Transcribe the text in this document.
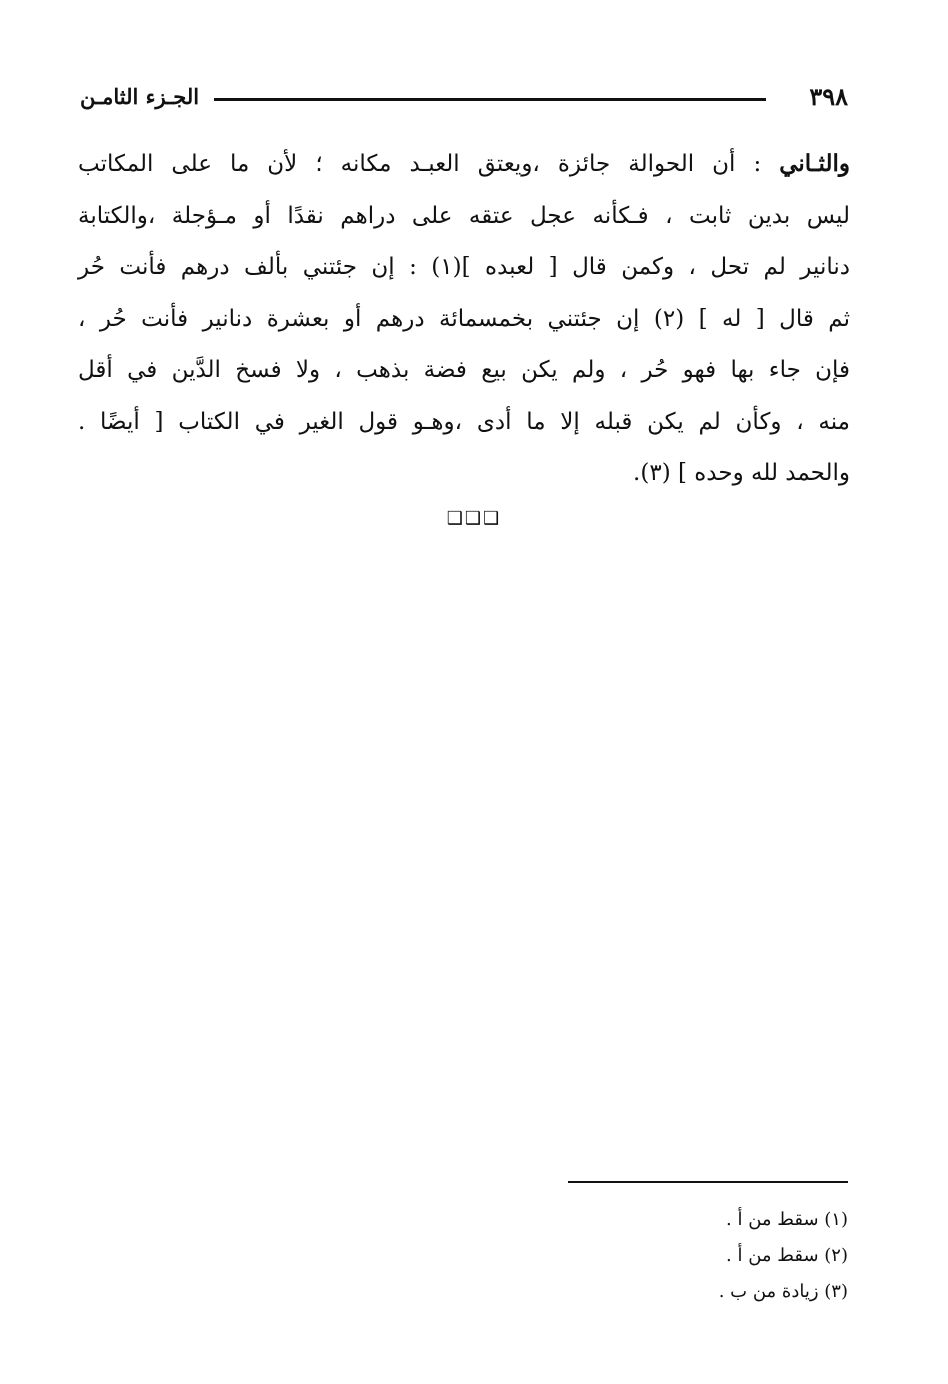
الجـزء الثامـن	٣٩٨
والثـاني : أن الحوالة جائزة ،ويعتق العبـد مكانه ؛ لأن ما على المكاتب
ليس بدين ثابت ، فـكأنه عجل عتقه على دراهم نقدًا أو مـؤجلة ،والكتابة
دنانير لم تحل ، وكمن قال [ لعبده ](١) : إن جئتني بألف درهم فأنت حُر
ثم قال [ له ] (٢) إن جئتني بخمسمائة درهم أو بعشرة دنانير فأنت حُر ،
فإن جاء بها فهو حُر ، ولم يكن بيع فضة بذهب ، ولا فسخ الدَّين في أقل
منه ، وكأن لم يكن قبله إلا ما أدى ،وهـو قول الغير في الكتاب [ أيضًا .
والحمد لله وحده ] (٣).
❑❑❑
(١) سقط من أ .
(٢) سقط من أ .
(٣) زيادة من ب .
